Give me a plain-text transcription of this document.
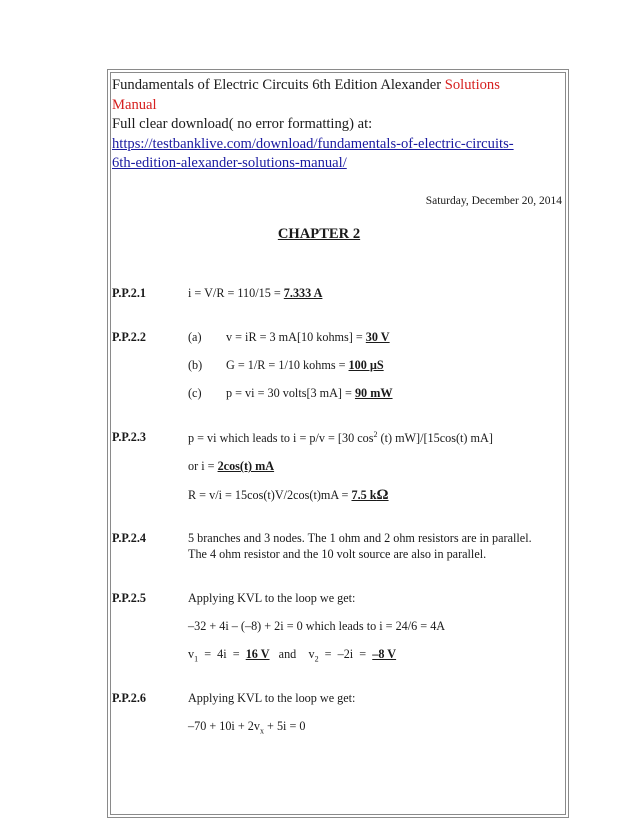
Fundamentals of Electric Circuits 6th Edition Alexander Solutions
Manual
Full clear download( no error formatting) at:
https://testbanklive.com/download/fundamentals-of-electric-circuits-
6th-edition-alexander-solutions-manual/
Saturday, December 20, 2014
CHAPTER 2
P.P.2.1	i = V/R = 110/15 = 7.333 A
P.P.2.2	(a) v = iR = 3 mA[10 kohms] = 30 V
(b) G = 1/R = 1/10 kohms = 100 µS
(c) p = vi = 30 volts[3 mA] = 90 mW
P.P.2.3	p = vi which leads to i = p/v = [30 $\cos^2 (t)$ mW]/[15cos(t) mA]
or i = 2cos(t) mA
R = v/i = 15cos(t)V/2cos(t)mA = 7.5 kΩ
P.P.2.4	5 branches and 3 nodes. The 1 ohm and 2 ohm resistors are in parallel.
The 4 ohm resistor and the 10 volt source are also in parallel.
P.P.2.5	Applying KVL to the loop we get:
–32 + 4i – (–8) + 2i = 0 which leads to i = 24/6 = 4A
$v_1 = 4i = 16$ V   and    $v_2 = -2i = -8$ V
P.P.2.6	Applying KVL to the loop we get:
$-70 + 10i + 2v_x + 5i = 0$
